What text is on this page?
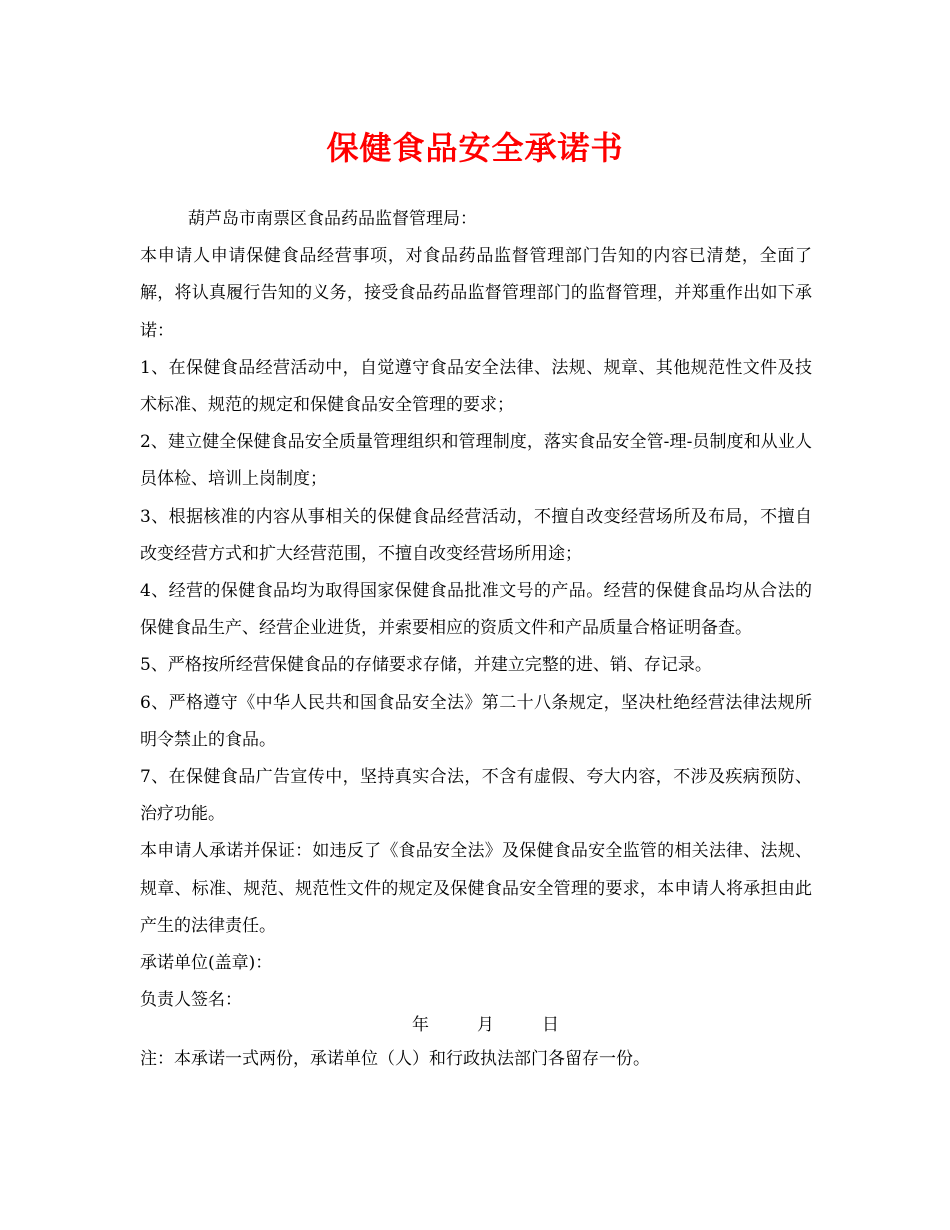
保健食品安全承诺书

葫芦岛市南票区食品药品监督管理局：

本申请人申请保健食品经营事项，对食品药品监督管理部门告知的内容已清楚，全面了解，将认真履行告知的义务，接受食品药品监督管理部门的监督管理，并郑重作出如下承诺：

1、在保健食品经营活动中，自觉遵守食品安全法律、法规、规章、其他规范性文件及技术标准、规范的规定和保健食品安全管理的要求；

2、建立健全保健食品安全质量管理组织和管理制度，落实食品安全管-理-员制度和从业人员体检、培训上岗制度；

3、根据核准的内容从事相关的保健食品经营活动，不擅自改变经营场所及布局，不擅自改变经营方式和扩大经营范围，不擅自改变经营场所用途；

4、经营的保健食品均为取得国家保健食品批准文号的产品。经营的保健食品均从合法的保健食品生产、经营企业进货，并索要相应的资质文件和产品质量合格证明备查。

5、严格按所经营保健食品的存储要求存储，并建立完整的进、销、存记录。

6、严格遵守《中华人民共和国食品安全法》第二十八条规定，坚决杜绝经营法律法规所明令禁止的食品。

7、在保健食品广告宣传中，坚持真实合法，不含有虚假、夸大内容，不涉及疾病预防、治疗功能。

本申请人承诺并保证：如违反了《食品安全法》及保健食品安全监管的相关法律、法规、规章、标准、规范、规范性文件的规定及保健食品安全管理的要求，本申请人将承担由此产生的法律责任。

承诺单位(盖章)：

负责人签名：

年	月	日
注：本承诺一式两份，承诺单位（人）和行政执法部门各留存一份。
